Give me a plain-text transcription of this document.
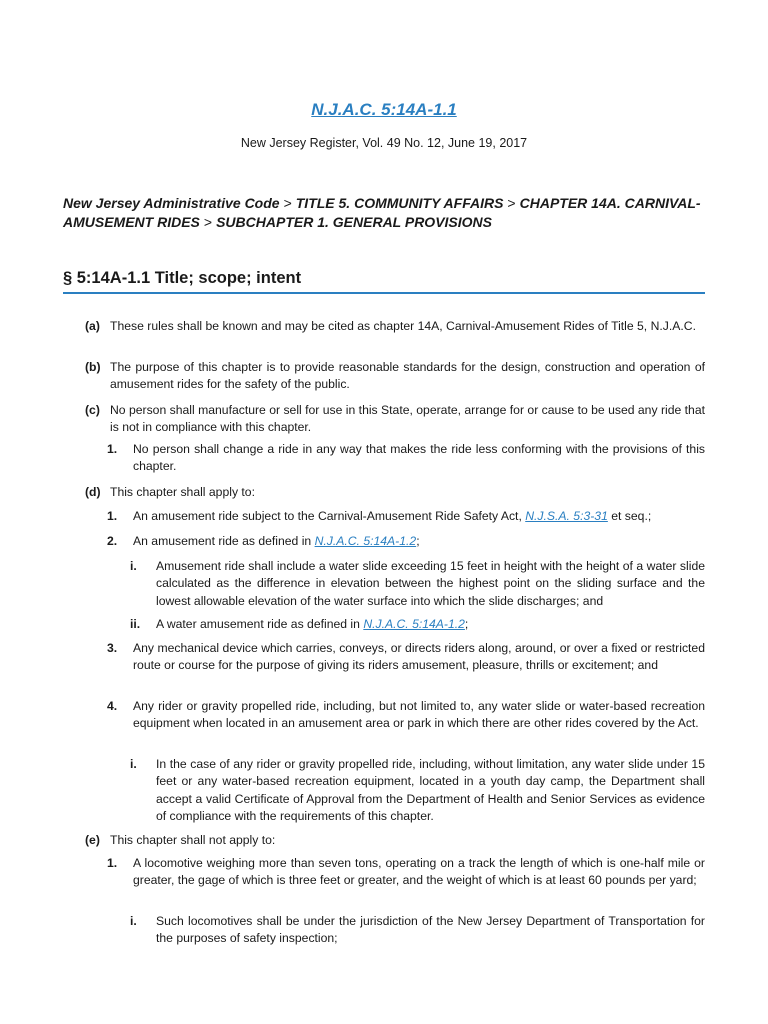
N.J.A.C. 5:14A-1.1

New Jersey Register, Vol. 49 No. 12, June 19, 2017

New Jersey Administrative Code > TITLE 5. COMMUNITY AFFAIRS > CHAPTER 14A. CARNIVAL-AMUSEMENT RIDES > SUBCHAPTER 1. GENERAL PROVISIONS

§ 5:14A-1.1 Title; scope; intent
(a) These rules shall be known and may be cited as chapter 14A, Carnival-Amusement Rides of Title 5, N.J.A.C.
(b) The purpose of this chapter is to provide reasonable standards for the design, construction and operation of amusement rides for the safety of the public.
(c) No person shall manufacture or sell for use in this State, operate, arrange for or cause to be used any ride that is not in compliance with this chapter.
1. No person shall change a ride in any way that makes the ride less conforming with the provisions of this chapter.
(d) This chapter shall apply to:
1. An amusement ride subject to the Carnival-Amusement Ride Safety Act, N.J.S.A. 5:3-31 et seq.;
2. An amusement ride as defined in N.J.A.C. 5:14A-1.2;
i. Amusement ride shall include a water slide exceeding 15 feet in height with the height of a water slide calculated as the difference in elevation between the highest point on the sliding surface and the lowest allowable elevation of the water surface into which the slide discharges; and
ii. A water amusement ride as defined in N.J.A.C. 5:14A-1.2;
3. Any mechanical device which carries, conveys, or directs riders along, around, or over a fixed or restricted route or course for the purpose of giving its riders amusement, pleasure, thrills or excitement; and
4. Any rider or gravity propelled ride, including, but not limited to, any water slide or water-based recreation equipment when located in an amusement area or park in which there are other rides covered by the Act.
i. In the case of any rider or gravity propelled ride, including, without limitation, any water slide under 15 feet or any water-based recreation equipment, located in a youth day camp, the Department shall accept a valid Certificate of Approval from the Department of Health and Senior Services as evidence of compliance with the requirements of this chapter.
(e) This chapter shall not apply to:
1. A locomotive weighing more than seven tons, operating on a track the length of which is one-half mile or greater, the gage of which is three feet or greater, and the weight of which is at least 60 pounds per yard;
i. Such locomotives shall be under the jurisdiction of the New Jersey Department of Transportation for the purposes of safety inspection;
